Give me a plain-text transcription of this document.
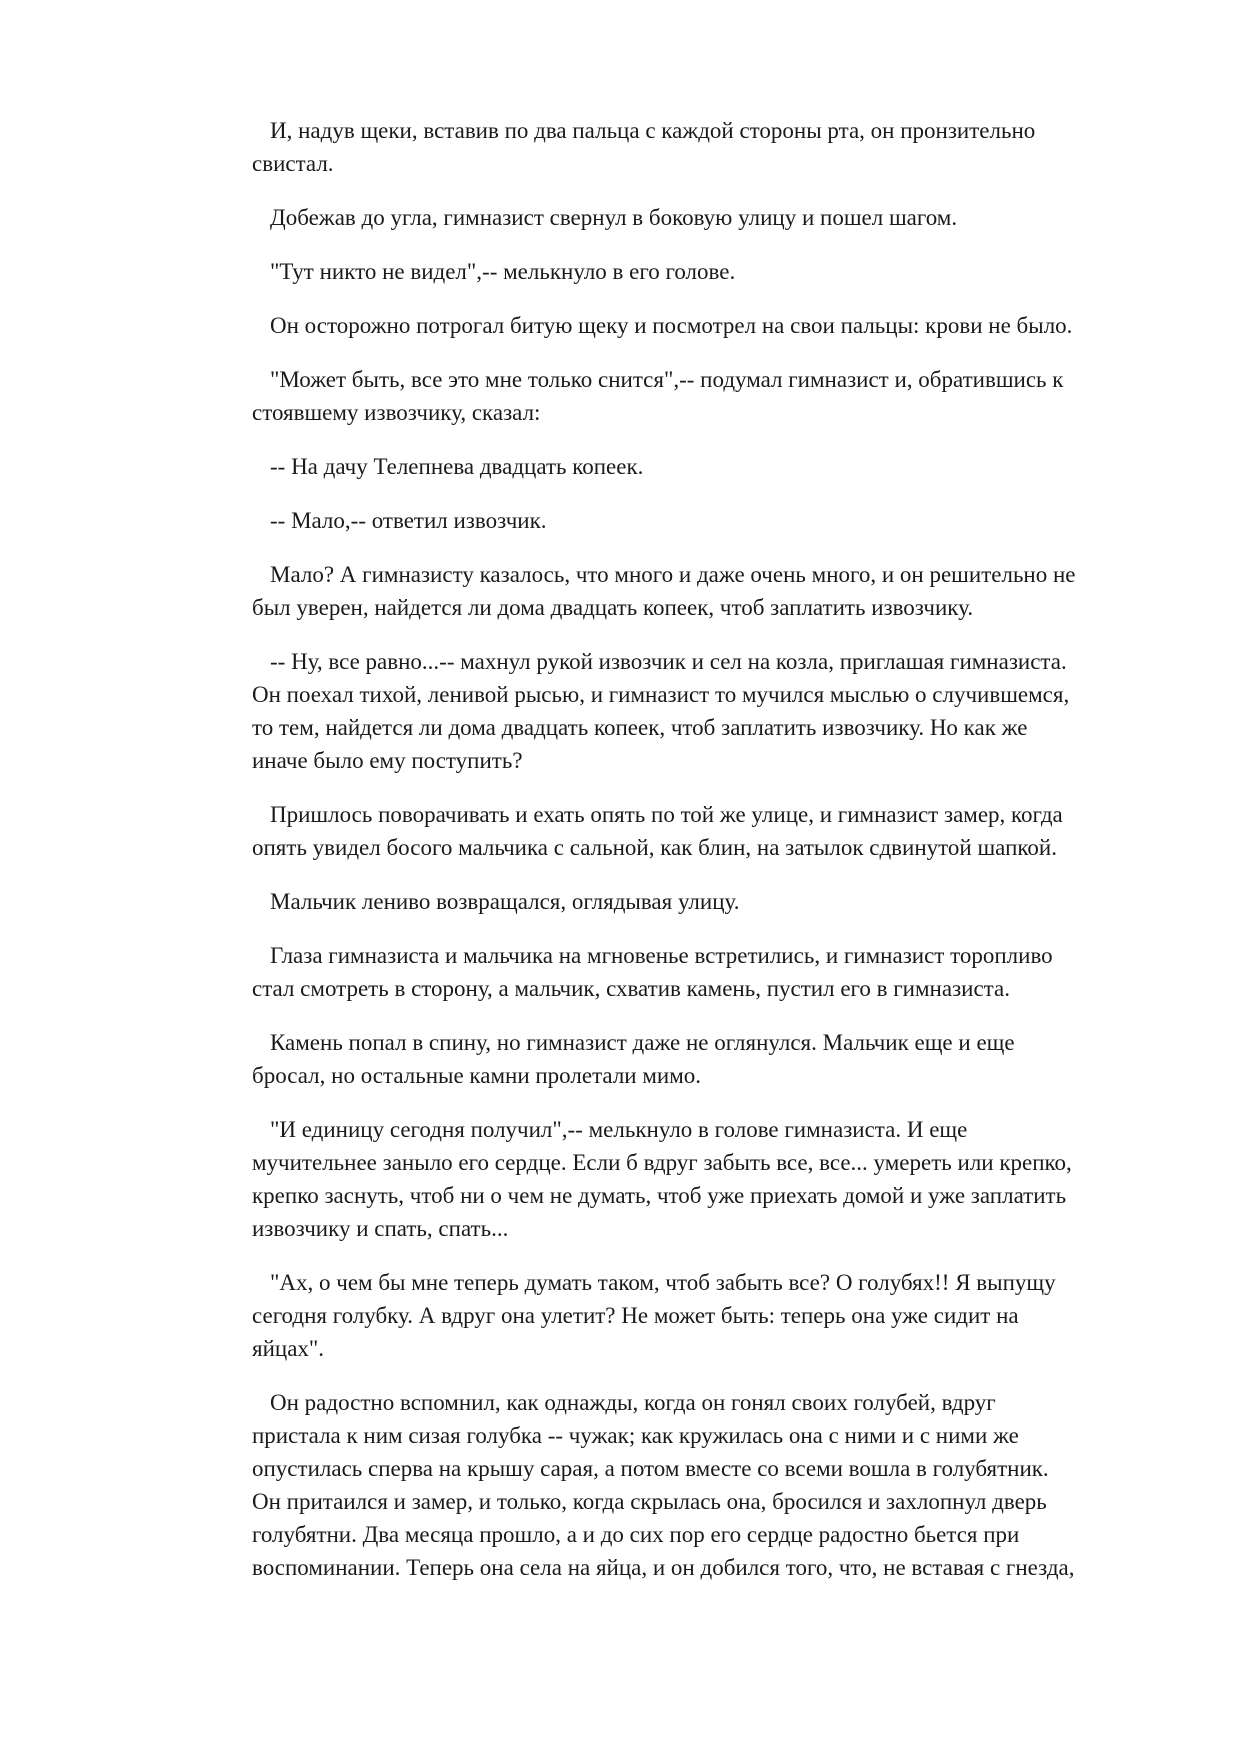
И, надув щеки, вставив по два пальца с каждой стороны рта, он пронзительно
свистал.

Добежав до угла, гимназист свернул в боковую улицу и пошел шагом.

"Тут никто не видел",-- мелькнуло в его голове.

Он осторожно потрогал битую щеку и посмотрел на свои пальцы: крови не было.

"Может быть, все это мне только снится",-- подумал гимназист и, обратившись к
стоявшему извозчику, сказал:

-- На дачу Телепнева двадцать копеек.

-- Мало,-- ответил извозчик.

Мало? А гимназисту казалось, что много и даже очень много, и он решительно не
был уверен, найдется ли дома двадцать копеек, чтоб заплатить извозчику.

-- Ну, все равно...-- махнул рукой извозчик и сел на козла, приглашая гимназиста.
Он поехал тихой, ленивой рысью, и гимназист то мучился мыслью о случившемся,
то тем, найдется ли дома двадцать копеек, чтоб заплатить извозчику. Но как же
иначе было ему поступить?

Пришлось поворачивать и ехать опять по той же улице, и гимназист замер, когда
опять увидел босого мальчика с сальной, как блин, на затылок сдвинутой шапкой.

Мальчик лениво возвращался, оглядывая улицу.

Глаза гимназиста и мальчика на мгновенье встретились, и гимназист торопливо
стал смотреть в сторону, а мальчик, схватив камень, пустил его в гимназиста.

Камень попал в спину, но гимназист даже не оглянулся. Мальчик еще и еще
бросал, но остальные камни пролетали мимо.

"И единицу сегодня получил",-- мелькнуло в голове гимназиста. И еще
мучительнее заныло его сердце. Если б вдруг забыть все, все... умереть или крепко,
крепко заснуть, чтоб ни о чем не думать, чтоб уже приехать домой и уже заплатить
извозчику и спать, спать...

"Ах, о чем бы мне теперь думать таком, чтоб забыть все? О голубях!! Я выпущу
сегодня голубку. А вдруг она улетит? Не может быть: теперь она уже сидит на
яйцах".

Он радостно вспомнил, как однажды, когда он гонял своих голубей, вдруг
пристала к ним сизая голубка -- чужак; как кружилась она с ними и с ними же
опустилась сперва на крышу сарая, а потом вместе со всеми вошла в голубятник.
Он притаился и замер, и только, когда скрылась она, бросился и захлопнул дверь
голубятни. Два месяца прошло, а и до сих пор его сердце радостно бьется при
воспоминании. Теперь она села на яйца, и он добился того, что, не вставая с гнезда,
